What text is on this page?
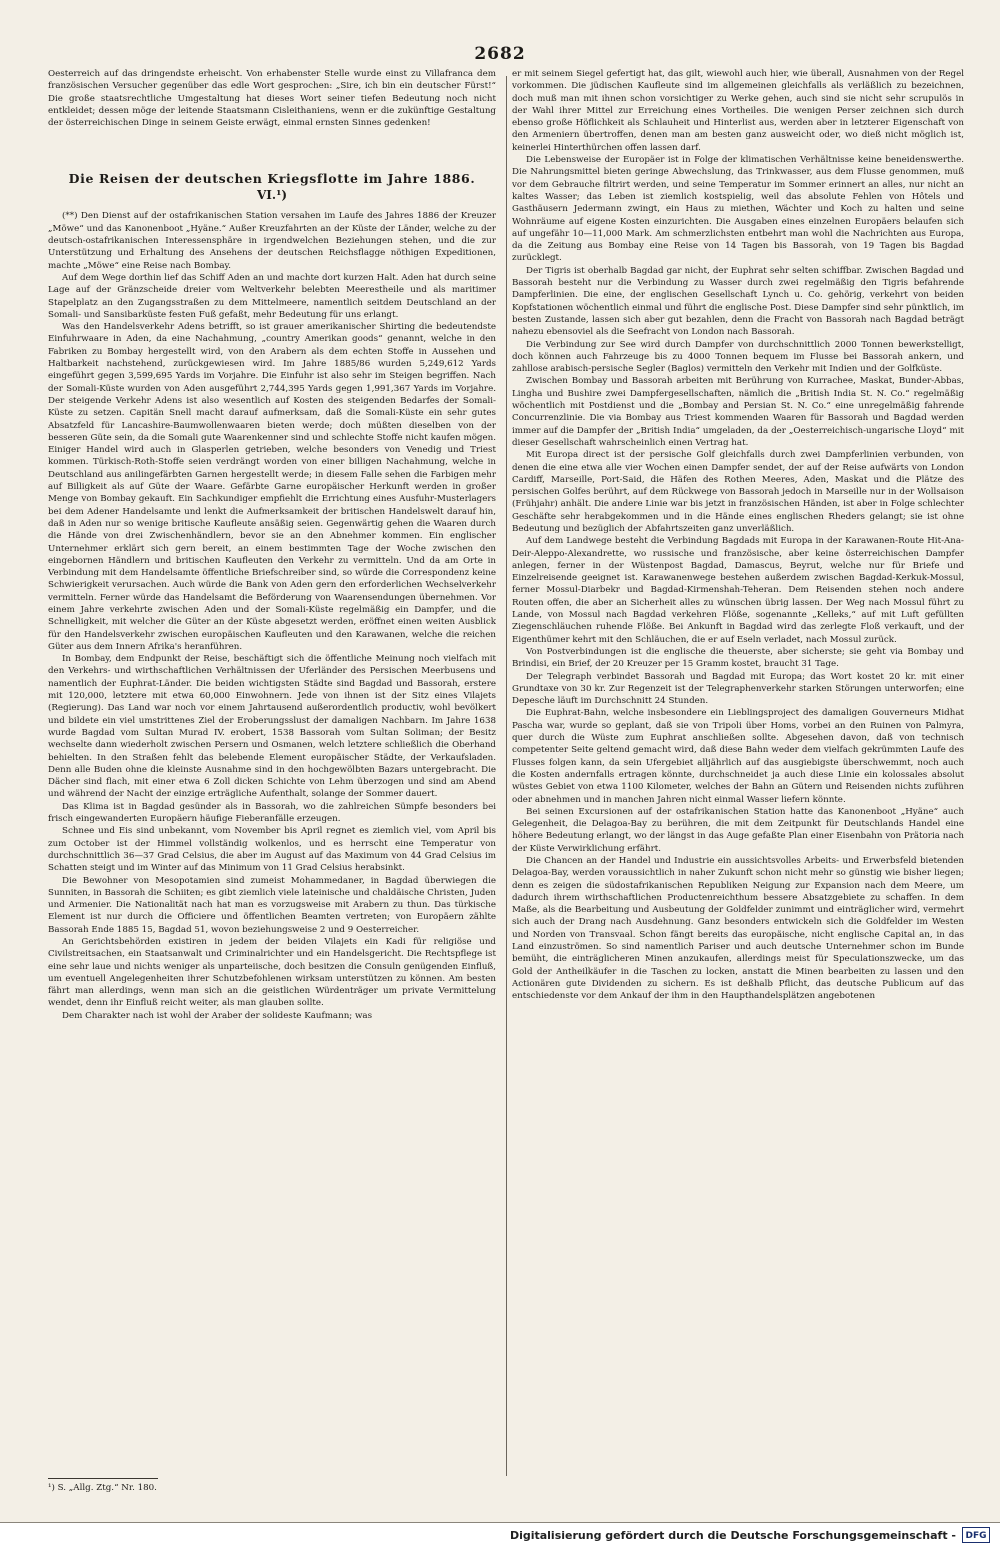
2682

Oesterreich auf das dringendste erheischt. Von erhabenster Stelle wurde einst zu Villafranca dem französischen Versucher gegenüber das edle Wort gesprochen: „Sire, ich bin ein deutscher Fürst!“ Die große staatsrechtliche Umgestaltung hat dieses Wort seiner tiefen Bedeutung noch nicht entkleidet; dessen möge der leitende Staatsmann Cisleithaniens, wenn er die zukünftige Gestaltung der österreichischen Dinge in seinem Geiste erwägt, einmal ernsten Sinnes gedenken!

Die Reisen der deutschen Kriegsflotte im Jahre 1886.
VI.¹)

(**) Den Dienst auf der ostafrikanischen Station versahen im Laufe des Jahres 1886 der Kreuzer „Möwe“ und das Kanonenboot „Hyäne.“ Außer Kreuzfahrten an der Küste der Länder, welche zu der deutsch-ostafrikanischen Interessensphäre in irgendwelchen Beziehungen stehen, und die zur Unterstützung und Erhaltung des Ansehens der deutschen Reichsflagge nöthigen Expeditionen, machte „Möwe“ eine Reise nach Bombay.

Auf dem Wege dorthin lief das Schiff Aden an und machte dort kurzen Halt. Aden hat durch seine Lage auf der Gränzscheide dreier vom Weltverkehr belebten Meerestheile und als maritimer Stapelplatz an den Zugangsstraßen zu dem Mittelmeere, namentlich seitdem Deutschland an der Somali- und Sansibarküste festen Fuß gefaßt, mehr Bedeutung für uns erlangt.

Was den Handelsverkehr Adens betrifft, so ist grauer amerikanischer Shirting die bedeutendste Einfuhrwaare in Aden, da eine Nachahmung, „country Amerikan goods“ genannt, welche in den Fabriken zu Bombay hergestellt wird, von den Arabern als dem echten Stoffe in Aussehen und Haltbarkeit nachstehend, zurückgewiesen wird. Im Jahre 1885/86 wurden 5,249,612 Yards eingeführt gegen 3,599,695 Yards im Vorjahre. Die Einfuhr ist also sehr im Steigen begriffen. Nach der Somali-Küste wurden von Aden ausgeführt 2,744,395 Yards gegen 1,991,367 Yards im Vorjahre. Der steigende Verkehr Adens ist also wesentlich auf Kosten des steigenden Bedarfes der Somali-Küste zu setzen. Capitän Snell macht darauf aufmerksam, daß die Somali-Küste ein sehr gutes Absatzfeld für Lancashire-Baumwollenwaaren bieten werde; doch müßten dieselben von der besseren Güte sein, da die Somali gute Waarenkenner sind und schlechte Stoffe nicht kaufen mögen. Einiger Handel wird auch in Glasperlen getrieben, welche besonders von Venedig und Triest kommen. Türkisch-Roth-Stoffe seien verdrängt worden von einer billigen Nachahmung, welche in Deutschland aus anilingefärbten Garnen hergestellt werde; in diesem Falle sehen die Farbigen mehr auf Billigkeit als auf Güte der Waare. Gefärbte Garne europäischer Herkunft werden in großer Menge von Bombay gekauft. Ein Sachkundiger empfiehlt die Errichtung eines Ausfuhr-Musterlagers bei dem Adener Handelsamte und lenkt die Aufmerksamkeit der britischen Handelswelt darauf hin, daß in Aden nur so wenige britische Kaufleute ansäßig seien. Gegenwärtig gehen die Waaren durch die Hände von drei Zwischenhändlern, bevor sie an den Abnehmer kommen. Ein englischer Unternehmer erklärt sich gern bereit, an einem bestimmten Tage der Woche zwischen den eingebornen Händlern und britischen Kaufleuten den Verkehr zu vermitteln. Und da am Orte in Verbindung mit dem Handelsamte öffentliche Briefschreiber sind, so würde die Correspondenz keine Schwierigkeit verursachen. Auch würde die Bank von Aden gern den erforderlichen Wechselverkehr vermitteln. Ferner würde das Handelsamt die Beförderung von Waarensendungen übernehmen. Vor einem Jahre verkehrte zwischen Aden und der Somali-Küste regelmäßig ein Dampfer, und die Schnelligkeit, mit welcher die Güter an der Küste abgesetzt werden, eröffnet einen weiten Ausblick für den Handelsverkehr zwischen europäischen Kaufleuten und den Karawanen, welche die reichen Güter aus dem Innern Afrika's heranführen.

In Bombay, dem Endpunkt der Reise, beschäftigt sich die öffentliche Meinung noch vielfach mit den Verkehrs- und wirthschaftlichen Verhältnissen der Uferländer des Persischen Meerbusens und namentlich der Euphrat-Länder. Die beiden wichtigsten Städte sind Bagdad und Bassorah, erstere mit 120,000, letztere mit etwa 60,000 Einwohnern. Jede von ihnen ist der Sitz eines Vilajets (Regierung). Das Land war noch vor einem Jahrtausend außerordentlich productiv, wohl bevölkert und bildete ein viel umstrittenes Ziel der Eroberungsslust der damaligen Nachbarn. Im Jahre 1638 wurde Bagdad vom Sultan Murad IV. erobert, 1538 Bassorah vom Sultan Soliman; der Besitz wechselte dann wiederholt zwischen Persern und Osmanen, welch letztere schließlich die Oberhand behielten. In den Straßen fehlt das belebende Element europäischer Städte, der Verkaufsladen. Denn alle Buden ohne die kleinste Ausnahme sind in den hochgewölbten Bazars untergebracht. Die Dächer sind flach, mit einer etwa 6 Zoll dicken Schichte von Lehm überzogen und sind am Abend und während der Nacht der einzige erträgliche Aufenthalt, solange der Sommer dauert.

Das Klima ist in Bagdad gesünder als in Bassorah, wo die zahlreichen Sümpfe besonders bei frisch eingewanderten Europäern häufige Fieberanfälle erzeugen.

Schnee und Eis sind unbekannt, vom November bis April regnet es ziemlich viel, vom April bis zum October ist der Himmel vollständig wolkenlos, und es herrscht eine Temperatur von durchschnittlich 36—37 Grad Celsius, die aber im August auf das Maximum von 44 Grad Celsius im Schatten steigt und im Winter auf das Minimum von 11 Grad Celsius herabsinkt.

Die Bewohner von Mesopotamien sind zumeist Mohammedaner, in Bagdad überwiegen die Sunniten, in Bassorah die Schiiten; es gibt ziemlich viele lateinische und chaldäische Christen, Juden und Armenier. Die Nationalität nach hat man es vorzugsweise mit Arabern zu thun. Das türkische Element ist nur durch die Officiere und öffentlichen Beamten vertreten; von Europäern zählte Bassorah Ende 1885 15, Bagdad 51, wovon beziehungsweise 2 und 9 Oesterreicher.

An Gerichtsbehörden existiren in jedem der beiden Vilajets ein Kadi für religiöse und Civilstreitsachen, ein Staatsanwalt und Criminalrichter und ein Handelsgericht. Die Rechtspflege ist eine sehr laue und nichts weniger als unparteiische, doch besitzen die Consuln genügenden Einfluß, um eventuell Angelegenheiten ihrer Schutzbefohlenen wirksam unterstützen zu können. Am besten fährt man allerdings, wenn man sich an die geistlichen Würdenträger um private Vermittelung wendet, denn ihr Einfluß reicht weiter, als man glauben sollte.

Dem Charakter nach ist wohl der Araber der solideste Kaufmann; was

er mit seinem Siegel gefertigt hat, das gilt, wiewohl auch hier, wie überall, Ausnahmen von der Regel vorkommen. Die jüdischen Kaufleute sind im allgemeinen gleichfalls als verläßlich zu bezeichnen, doch muß man mit ihnen schon vorsichtiger zu Werke gehen, auch sind sie nicht sehr scrupulös in der Wahl ihrer Mittel zur Erreichung eines Vortheiles. Die wenigen Perser zeichnen sich durch ebenso große Höflichkeit als Schlauheit und Hinterlist aus, werden aber in letzterer Eigenschaft von den Armeniern übertroffen, denen man am besten ganz ausweicht oder, wo dieß nicht möglich ist, keinerlei Hinterthürchen offen lassen darf.

Die Lebensweise der Europäer ist in Folge der klimatischen Verhältnisse keine beneidenswerthe. Die Nahrungsmittel bieten geringe Abwechslung, das Trinkwasser, aus dem Flusse genommen, muß vor dem Gebrauche filtrirt werden, und seine Temperatur im Sommer erinnert an alles, nur nicht an kaltes Wasser; das Leben ist ziemlich kostspielig, weil das absolute Fehlen von Hôtels und Gasthäusern Jedermann zwingt, ein Haus zu miethen, Wächter und Koch zu halten und seine Wohnräume auf eigene Kosten einzurichten. Die Ausgaben eines einzelnen Europäers belaufen sich auf ungefähr 10—11,000 Mark. Am schmerzlichsten entbehrt man wohl die Nachrichten aus Europa, da die Zeitung aus Bombay eine Reise von 14 Tagen bis Bassorah, von 19 Tagen bis Bagdad zurücklegt.

Der Tigris ist oberhalb Bagdad gar nicht, der Euphrat sehr selten schiffbar. Zwischen Bagdad und Bassorah besteht nur die Verbindung zu Wasser durch zwei regelmäßig den Tigris befahrende Dampferlinien. Die eine, der englischen Gesellschaft Lynch u. Co. gehörig, verkehrt von beiden Kopfstationen wöchentlich einmal und führt die englische Post. Diese Dampfer sind sehr pünktlich, im besten Zustande, lassen sich aber gut bezahlen, denn die Fracht von Bassorah nach Bagdad beträgt nahezu ebensoviel als die Seefracht von London nach Bassorah.

Die Verbindung zur See wird durch Dampfer von durchschnittlich 2000 Tonnen bewerkstelligt, doch können auch Fahrzeuge bis zu 4000 Tonnen bequem im Flusse bei Bassorah ankern, und zahllose arabisch-persische Segler (Baglos) vermitteln den Verkehr mit Indien und der Golfküste.

Zwischen Bombay und Bassorah arbeiten mit Berührung von Kurrachee, Maskat, Bunder-Abbas, Lingha und Bushire zwei Dampfergesellschaften, nämlich die „British India St. N. Co.“ regelmäßig wöchentlich mit Postdienst und die „Bombay and Persian St. N. Co.“ eine unregelmäßig fahrende Concurrenzlinie. Die via Bombay aus Triest kommenden Waaren für Bassorah und Bagdad werden immer auf die Dampfer der „British India“ umgeladen, da der „Oesterreichisch-ungarische Lloyd“ mit dieser Gesellschaft wahrscheinlich einen Vertrag hat.

Mit Europa direct ist der persische Golf gleichfalls durch zwei Dampferlinien verbunden, von denen die eine etwa alle vier Wochen einen Dampfer sendet, der auf der Reise aufwärts von London Cardiff, Marseille, Port-Said, die Häfen des Rothen Meeres, Aden, Maskat und die Plätze des persischen Golfes berührt, auf dem Rückwege von Bassorah jedoch in Marseille nur in der Wollsaison (Frühjahr) anhält. Die andere Linie war bis jetzt in französischen Händen, ist aber in Folge schlechter Geschäfte sehr herabgekommen und in die Hände eines englischen Rheders gelangt; sie ist ohne Bedeutung und bezüglich der Abfahrtszeiten ganz unverläßlich.

Auf dem Landwege besteht die Verbindung Bagdads mit Europa in der Karawanen-Route Hit-Ana-Deir-Aleppo-Alexandrette, wo russische und französische, aber keine österreichischen Dampfer anlegen, ferner in der Wüstenpost Bagdad, Damascus, Beyrut, welche nur für Briefe und Einzelreisende geeignet ist. Karawanenwege bestehen außerdem zwischen Bagdad-Kerkuk-Mossul, ferner Mossul-Diarbekr und Bagdad-Kirmenshah-Teheran. Dem Reisenden stehen noch andere Routen offen, die aber an Sicherheit alles zu wünschen übrig lassen. Der Weg nach Mossul führt zu Lande, von Mossul nach Bagdad verkehren Flöße, sogenannte „Kelleks,“ auf mit Luft gefüllten Ziegenschläuchen ruhende Flöße. Bei Ankunft in Bagdad wird das zerlegte Floß verkauft, und der Eigenthümer kehrt mit den Schläuchen, die er auf Eseln verladet, nach Mossul zurück.

Von Postverbindungen ist die englische die theuerste, aber sicherste; sie geht via Bombay und Brindisi, ein Brief, der 20 Kreuzer per 15 Gramm kostet, braucht 31 Tage.

Der Telegraph verbindet Bassorah und Bagdad mit Europa; das Wort kostet 20 kr. mit einer Grundtaxe von 30 kr. Zur Regenzeit ist der Telegraphenverkehr starken Störungen unterworfen; eine Depesche läuft im Durchschnitt 24 Stunden.

Die Euphrat-Bahn, welche insbesondere ein Lieblingsproject des damaligen Gouverneurs Midhat Pascha war, wurde so geplant, daß sie von Tripoli über Homs, vorbei an den Ruinen von Palmyra, quer durch die Wüste zum Euphrat anschließen sollte. Abgesehen davon, daß von technisch competenter Seite geltend gemacht wird, daß diese Bahn weder dem vielfach gekrümmten Laufe des Flusses folgen kann, da sein Ufergebiet alljährlich auf das ausgiebigste überschwemmt, noch auch die Kosten andernfalls ertragen könnte, durchschneidet ja auch diese Linie ein kolossales absolut wüstes Gebiet von etwa 1100 Kilometer, welches der Bahn an Gütern und Reisenden nichts zuführen oder abnehmen und in manchen Jahren nicht einmal Wasser liefern könnte.

Bei seinen Excursionen auf der ostafrikanischen Station hatte das Kanonenboot „Hyäne“ auch Gelegenheit, die Delagoa-Bay zu berühren, die mit dem Zeitpunkt für Deutschlands Handel eine höhere Bedeutung erlangt, wo der längst in das Auge gefaßte Plan einer Eisenbahn von Prätoria nach der Küste Verwirklichung erfährt.

Die Chancen an der Handel und Industrie ein aussichtsvolles Arbeits- und Erwerbsfeld bietenden Delagoa-Bay, werden voraussichtlich in naher Zukunft schon nicht mehr so günstig wie bisher liegen; denn es zeigen die südostafrikanischen Republiken Neigung zur Expansion nach dem Meere, um dadurch ihrem wirthschaftlichen Productenreichthum bessere Absatzgebiete zu schaffen. In dem Maße, als die Bearbeitung und Ausbeutung der Goldfelder zunimmt und einträglicher wird, vermehrt sich auch der Drang nach Ausdehnung. Ganz besonders entwickeln sich die Goldfelder im Westen und Norden von Transvaal. Schon fängt bereits das europäische, nicht englische Capital an, in das Land einzuströmen. So sind namentlich Pariser und auch deutsche Unternehmer schon im Bunde bemüht, die einträglicheren Minen anzukaufen, allerdings meist für Speculationszwecke, um das Gold der Antheilkäufer in die Taschen zu locken, anstatt die Minen bearbeiten zu lassen und den Actionären gute Dividenden zu sichern. Es ist deßhalb Pflicht, das deutsche Publicum auf das entschiedenste vor dem Ankauf der ihm in den Haupthandelsplätzen angebotenen

¹) S. „Allg. Ztg.“ Nr. 180.
Digitalisierung gefördert durch die Deutsche Forschungsgemeinschaft -	DFG
